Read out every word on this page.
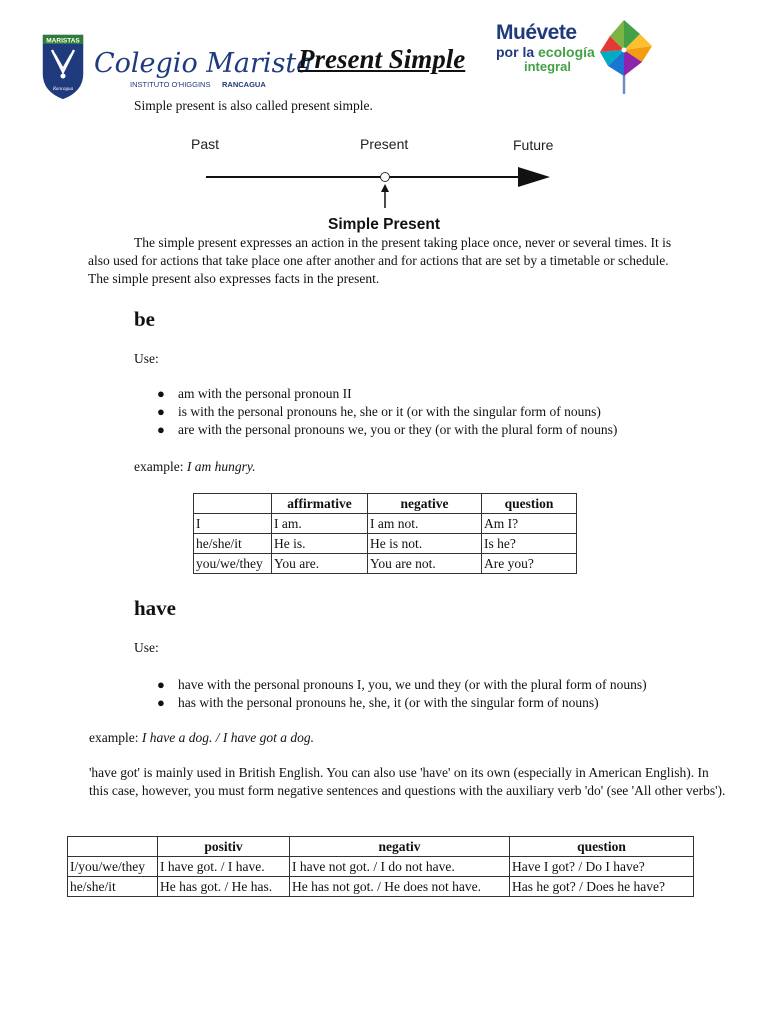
MARISTAS
Rancagua
Colegio Marista
INSTITUTO O'HIGGINS RANCAGUA
Present Simple
Muévete
por la ecología
integral

Simple present is also called present simple.

Past	Present	Future
Simple Present

The simple present expresses an action in the present taking place once, never or several times. It is also used for actions that take place one after another and for actions that are set by a timetable or schedule. The simple present also expresses facts in the present.

be
Use:
● am with the personal pronoun II
● is with the personal pronouns he, she or it (or with the singular form of nouns)
● are with the personal pronouns we, you or they (or with the plural form of nouns)
example: I am hungry.
	affirmative	negative	question
I	I am.	I am not.	Am I?
he/she/it	He is.	He is not.	Is he?
you/we/they	You are.	You are not.	Are you?
have
Use:
● have with the personal pronouns I, you, we und they (or with the plural form of nouns)
● has with the personal pronouns he, she, it (or with the singular form of nouns)
example: I have a dog. / I have got a dog.

'have got' is mainly used in British English. You can also use 'have' on its own (especially in American English). In this case, however, you must form negative sentences and questions with the auxiliary verb 'do' (see 'All other verbs').

	positiv	negativ	question
I/you/we/they	I have got. / I have.	I have not got. / I do not have.	Have I got? / Do I have?
he/she/it	He has got. / He has.	He has not got. / He does not have.	Has he got? / Does he have?
